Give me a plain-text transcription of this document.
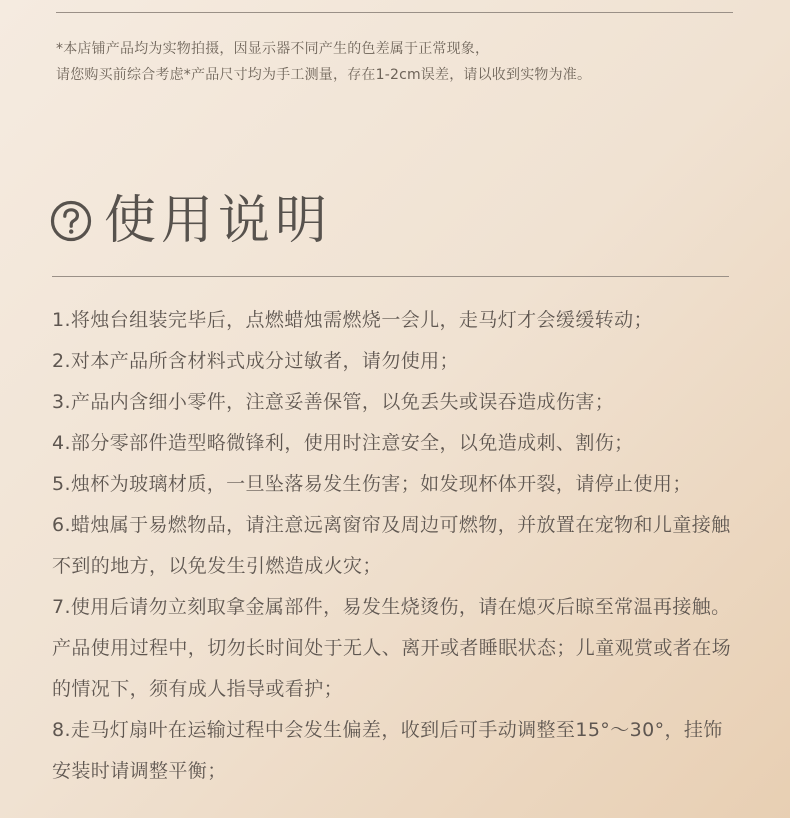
*本店铺产品均为实物拍摄，因显示器不同产生的色差属于正常现象，
请您购买前综合考虑*产品尺寸均为手工测量，存在1-2cm误差，请以收到实物为准。
使用说明
1.将烛台组装完毕后，点燃蜡烛需燃烧一会儿，走马灯才会缓缓转动；
2.对本产品所含材料式成分过敏者，请勿使用；
3.产品内含细小零件，注意妥善保管，以免丢失或误吞造成伤害；
4.部分零部件造型略微锋利，使用时注意安全，以免造成刺、割伤；
5.烛杯为玻璃材质，一旦坠落易发生伤害；如发现杯体开裂，请停止使用；
6.蜡烛属于易燃物品，请注意远离窗帘及周边可燃物，并放置在宠物和儿童接触不到的地方，以免发生引燃造成火灾；
7.使用后请勿立刻取拿金属部件，易发生烧烫伤，请在熄灭后晾至常温再接触。产品使用过程中，切勿长时间处于无人、离开或者睡眠状态；儿童观赏或者在场的情况下，须有成人指导或看护；
8.走马灯扇叶在运输过程中会发生偏差，收到后可手动调整至15°～30°，挂饰安装时请调整平衡；
